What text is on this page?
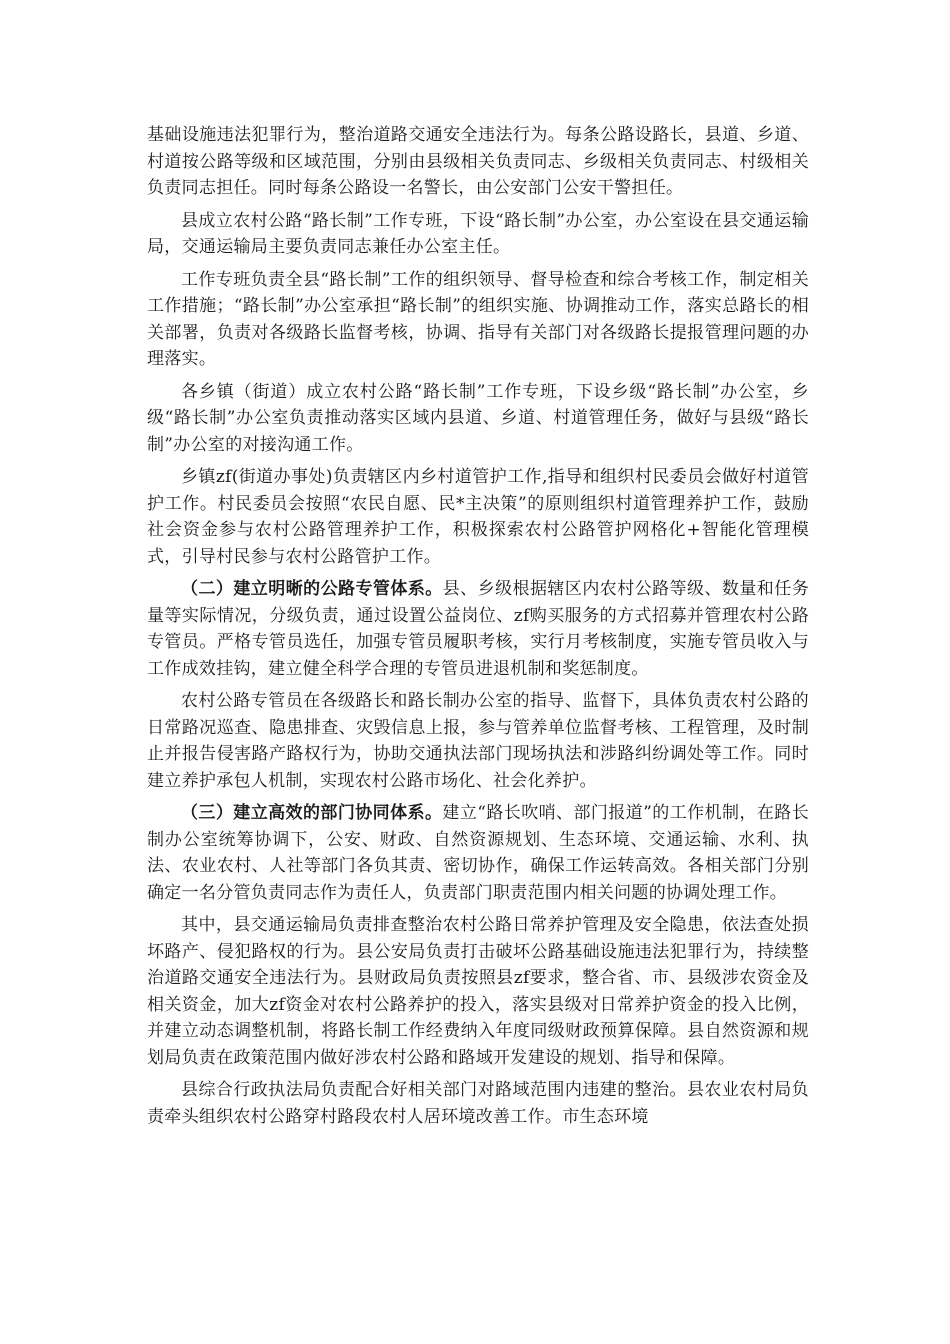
基础设施违法犯罪行为，整治道路交通安全违法行为。每条公路设路长，县道、乡道、村道按公路等级和区域范围，分别由县级相关负责同志、乡级相关负责同志、村级相关负责同志担任。同时每条公路设一名警长，由公安部门公安干警担任。

县成立农村公路“路长制”工作专班，下设“路长制”办公室，办公室设在县交通运输局，交通运输局主要负责同志兼任办公室主任。

工作专班负责全县“路长制”工作的组织领导、督导检查和综合考核工作，制定相关工作措施；“路长制”办公室承担“路长制”的组织实施、协调推动工作，落实总路长的相关部署，负责对各级路长监督考核，协调、指导有关部门对各级路长提报管理问题的办理落实。

各乡镇（街道）成立农村公路“路长制”工作专班，下设乡级“路长制”办公室，乡级“路长制”办公室负责推动落实区域内县道、乡道、村道管理任务，做好与县级“路长制”办公室的对接沟通工作。

乡镇zf(街道办事处)负责辖区内乡村道管护工作,指导和组织村民委员会做好村道管护工作。村民委员会按照“农民自愿、民*主决策”的原则组织村道管理养护工作，鼓励社会资金参与农村公路管理养护工作，积极探索农村公路管护网格化+智能化管理模式，引导村民参与农村公路管护工作。

（二）建立明晰的公路专管体系。县、乡级根据辖区内农村公路等级、数量和任务量等实际情况，分级负责，通过设置公益岗位、zf购买服务的方式招募并管理农村公路专管员。严格专管员选任，加强专管员履职考核，实行月考核制度，实施专管员收入与工作成效挂钩，建立健全科学合理的专管员进退机制和奖惩制度。

农村公路专管员在各级路长和路长制办公室的指导、监督下，具体负责农村公路的日常路况巡查、隐患排查、灾毁信息上报，参与管养单位监督考核、工程管理，及时制止并报告侵害路产路权行为，协助交通执法部门现场执法和涉路纠纷调处等工作。同时建立养护承包人机制，实现农村公路市场化、社会化养护。

（三）建立高效的部门协同体系。建立“路长吹哨、部门报道”的工作机制，在路长制办公室统筹协调下，公安、财政、自然资源规划、生态环境、交通运输、水利、执法、农业农村、人社等部门各负其责、密切协作，确保工作运转高效。各相关部门分别确定一名分管负责同志作为责任人，负责部门职责范围内相关问题的协调处理工作。

其中，县交通运输局负责排查整治农村公路日常养护管理及安全隐患，依法查处损坏路产、侵犯路权的行为。县公安局负责打击破坏公路基础设施违法犯罪行为，持续整治道路交通安全违法行为。县财政局负责按照县zf要求，整合省、市、县级涉农资金及相关资金，加大zf资金对农村公路养护的投入，落实县级对日常养护资金的投入比例，并建立动态调整机制，将路长制工作经费纳入年度同级财政预算保障。县自然资源和规划局负责在政策范围内做好涉农村公路和路域开发建设的规划、指导和保障。

县综合行政执法局负责配合好相关部门对路域范围内违建的整治。县农业农村局负责牵头组织农村公路穿村路段农村人居环境改善工作。市生态环境
